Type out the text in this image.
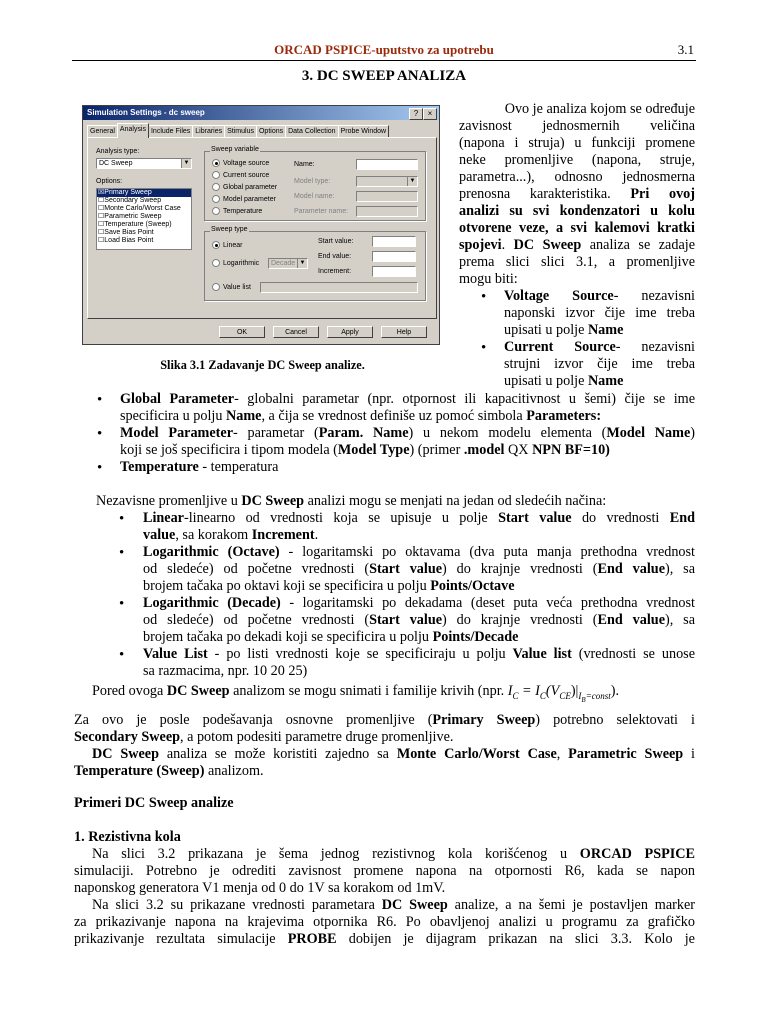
ORCAD PSPICE-uputstvo za upotrebu	3.1
3. DC SWEEP ANALIZA
Simulation Settings - dc sweep	?	×
General Analysis Include Files Libraries Stimulus Options Data Collection Probe Window
Analysis type:
DC Sweep	▼
Options:
☒Primary Sweep
☐Secondary Sweep
☐Monte Carlo/Worst Case
☐Parametric Sweep
☐Temperature (Sweep)
☐Save Bias Point
☐Load Bias Point
Sweep variable
Voltage source
Current source
Global parameter
Model parameter
Temperature
Name:
Model type:	▼
Model name:
Parameter name:
Sweep type
Linear
Logarithmic Decade ▼
Start value:
End value:
Increment:
Value list
OK	Cancel	Apply	Help
Slika 3.1 Zadavanje DC Sweep analize.
Ovo je analiza kojom se određuje
zavisnost jednosmernih veličina
(napona i struja) u funkciji promene
neke promenljive (napona, struje,
parametra...), odnosno jednosmerna
prenosna karakteristika. Pri ovoj
analizi su svi kondenzatori u kolu
otvorene veze, a svi kalemovi kratki
spojevi. DC Sweep analiza se zadaje
prema slici slici 3.1, a promenljive
mogu biti:
•
Voltage Source- nezavisni
naponski izvor čije ime treba
upisati u polje Name
•
Current Source- nezavisni
strujni izvor čije ime treba
upisati u polje Name
•
Global Parameter- globalni parametar (npr. otpornost ili kapacitivnost u šemi) čije se ime
specificira u polju Name, a čija se vrednost definiše uz pomoć simbola Parameters:
•
Model Parameter- parametar (Param. Name) u nekom modelu elementa (Model Name)
koji se još specificira i tipom modela (Model Type) (primer .model QX NPN BF=10)
•
Temperature - temperatura
Nezavisne promenljive u DC Sweep analizi mogu se menjati na jedan od sledećih načina:
•
Linear-linearno od vrednosti koja se upisuje u polje Start value do vrednosti End
value, sa korakom Increment.
•
Logarithmic (Octave) - logaritamski po oktavama (dva puta manja prethodna vrednost
od sledeće) od početne vrednosti (Start value) do krajnje vrednosti (End value), sa
brojem tačaka po oktavi koji se specificira u polju Points/Octave
•
Logarithmic (Decade) - logaritamski po dekadama (deset puta veća prethodna vrednost
od sledeće) od početne vrednosti (Start value) do krajnje vrednosti (End value), sa
brojem tačaka po dekadi koji se specificira u polju Points/Decade
•
Value List - po listi vrednosti koje se specificiraju u polju Value list (vrednosti se unose
sa razmacima, npr. 10 20 25)
Pored ovoga DC Sweep analizom se mogu snimati i familije krivih (npr. $I_C = I_C(V_{CE})|_{I_B=const}$).
Za ovo je posle podešavanja osnovne promenljive (Primary Sweep) potrebno selektovati i
Secondary Sweep, a potom podesiti parametre druge promenljive.
DC Sweep analiza se može koristiti zajedno sa Monte Carlo/Worst Case, Parametric Sweep i
Temperature (Sweep) analizom.
Primeri DC Sweep analize
1. Rezistivna kola
Na slici 3.2 prikazana je šema jednog rezistivnog kola korišćenog u ORCAD PSPICE
simulaciji. Potrebno je odrediti zavisnost promene napona na otpornosti R6, kada se napon
naponskog generatora V1 menja od 0 do 1V sa korakom od 1mV.
Na slici 3.2 su prikazane vrednosti parametara DC Sweep analize, a na šemi je postavljen marker
za prikazivanje napona na krajevima otpornika R6. Po obavljenoj analizi u programu za grafičko
prikazivanje rezultata simulacije PROBE dobijen je dijagram prikazan na slici 3.3. Kolo je
